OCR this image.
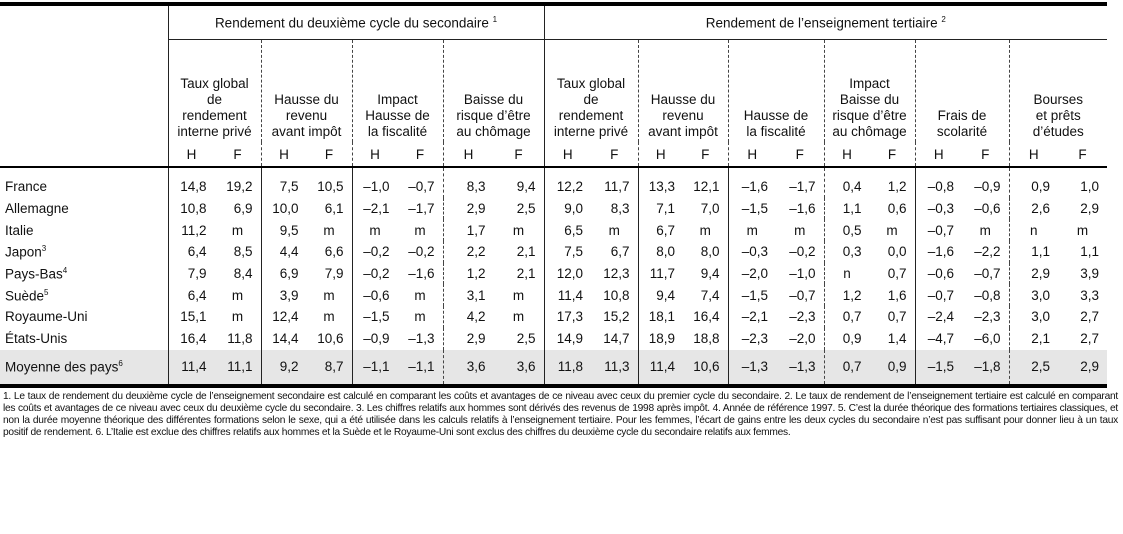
	Rendement du deuxième cycle du secondaire $^1$								Rendement de l’enseignement tertiaire $^2$
	Taux global
de
rendement
interne privé		Hausse du
revenu
avant impôt		Impact
Hausse de
la fiscalité		Baisse du
risque d’être
au chômage		Taux global
de
rendement
interne privé		Hausse du
revenu
avant impôt		Hausse de
la fiscalité		Impact
Baisse du
risque d’être
au chômage		Frais de
scolarité		Bourses
et prêts
d’études	
	H	F	H	F	H	F	H	F	H	F	H	F	H	F	H	F	H	F	H	F
France	14,8	19,2	7,5	10,5	–1,0	–0,7	8,3	9,4	12,2	11,7	13,3	12,1	–1,6	–1,7	0,4	1,2	–0,8	–0,9	0,9	1,0
Allemagne	10,8	6,9	10,0	6,1	–2,1	–1,7	2,9	2,5	9,0	8,3	7,1	7,0	–1,5	–1,6	1,1	0,6	–0,3	–0,6	2,6	2,9
Italie	11,2	m	9,5	m	m	m	1,7	m	6,5	m	6,7	m	m	m	0,5	m	–0,7	m	n	m
Japon$^3$	6,4	8,5	4,4	6,6	–0,2	–0,2	2,2	2,1	7,5	6,7	8,0	8,0	–0,3	–0,2	0,3	0,0	–1,6	–2,2	1,1	1,1
Pays-Bas$^4$	7,9	8,4	6,9	7,9	–0,2	–1,6	1,2	2,1	12,0	12,3	11,7	9,4	–2,0	–1,0	n	0,7	–0,6	–0,7	2,9	3,9
Suède$^5$	6,4	m	3,9	m	–0,6	m	3,1	m	11,4	10,8	9,4	7,4	–1,5	–0,7	1,2	1,6	–0,7	–0,8	3,0	3,3
Royaume-Uni	15,1	m	12,4	m	–1,5	m	4,2	m	17,3	15,2	18,1	16,4	–2,1	–2,3	0,7	0,7	–2,4	–2,3	3,0	2,7
États-Unis	16,4	11,8	14,4	10,6	–0,9	–1,3	2,9	2,5	14,9	14,7	18,9	18,8	–2,3	–2,0	0,9	1,4	–4,7	–6,0	2,1	2,7
Moyenne des pays$^6$	11,4	11,1	9,2	8,7	–1,1	–1,1	3,6	3,6	11,8	11,3	11,4	10,6	–1,3	–1,3	0,7	0,9	–1,5	–1,8	2,5	2,9
1. Le taux de rendement du deuxième cycle de l’enseignement secondaire est calculé en comparant les coûts et avantages de ce niveau avec ceux du premier cycle du secondaire. 2. Le taux de rendement de l’enseignement tertiaire est calculé en comparant les coûts et avantages de ce niveau avec ceux du deuxième cycle du secondaire. 3. Les chiffres relatifs aux hommes sont dérivés des revenus de 1998 après impôt. 4. Année de référence 1997. 5. C’est la durée théorique des formations tertiaires classiques, et non la durée moyenne théorique des différentes formations selon le sexe, qui a été utilisée dans les calculs relatifs à l’enseignement tertiaire. Pour les femmes, l’écart de gains entre les deux cycles du secondaire n’est pas suffisant pour donner lieu à un taux positif de rendement. 6. L’Italie est exclue des chiffres relatifs aux hommes et la Suède et le Royaume-Uni sont exclus des chiffres du deuxième cycle du secondaire relatifs aux femmes.
